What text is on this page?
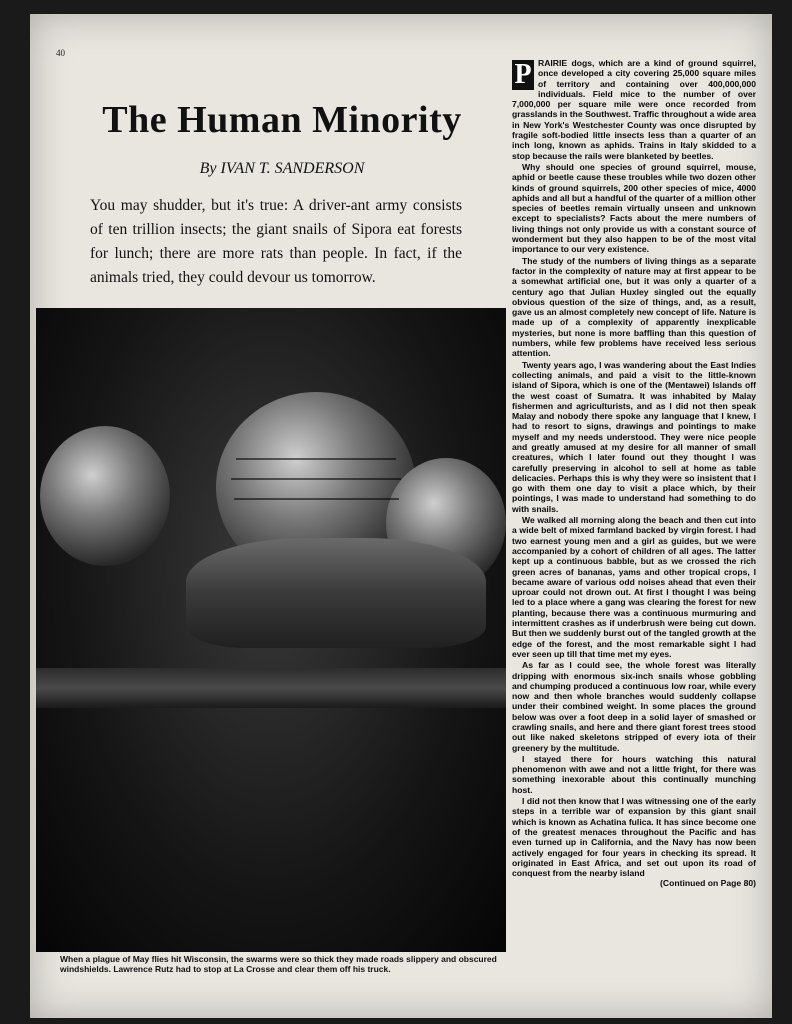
40
The Human Minority
By IVAN T. SANDERSON

You may shudder, but it's true: A driver-ant army consists of ten trillion insects; the giant snails of Sipora eat forests for lunch; there are more rats than people. In fact, if the animals tried, they could devour us tomorrow.

When a plague of May flies hit Wisconsin, the swarms were so thick they made roads slippery and obscured windshields. Lawrence Rutz had to stop at La Crosse and clear them off his truck.

P RAIRIE dogs, which are a kind of ground squirrel, once developed a city covering 25,000 square miles of territory and containing over 400,000,000 individuals. Field mice to the number of over 7,000,000 per square mile were once recorded from grasslands in the Southwest. Traffic throughout a wide area in New York's Westchester County was once disrupted by fragile soft-bodied little insects less than a quarter of an inch long, known as aphids. Trains in Italy skidded to a stop because the rails were blanketed by beetles.

Why should one species of ground squirrel, mouse, aphid or beetle cause these troubles while two dozen other kinds of ground squirrels, 200 other species of mice, 4000 aphids and all but a handful of the quarter of a million other species of beetles remain virtually unseen and unknown except to specialists? Facts about the mere numbers of living things not only provide us with a constant source of wonderment but they also happen to be of the most vital importance to our very existence.

The study of the numbers of living things as a separate factor in the complexity of nature may at first appear to be a somewhat artificial one, but it was only a quarter of a century ago that Julian Huxley singled out the equally obvious question of the size of things, and, as a result, gave us an almost completely new concept of life. Nature is made up of a complexity of apparently inexplicable mysteries, but none is more baffling than this question of numbers, while few problems have received less serious attention.

Twenty years ago, I was wandering about the East Indies collecting animals, and paid a visit to the little-known island of Sipora, which is one of the (Mentawei) Islands off the west coast of Sumatra. It was inhabited by Malay fishermen and agriculturists, and as I did not then speak Malay and nobody there spoke any language that I knew, I had to resort to signs, drawings and pointings to make myself and my needs understood. They were nice people and greatly amused at my desire for all manner of small creatures, which I later found out they thought I was carefully preserving in alcohol to sell at home as table delicacies. Perhaps this is why they were so insistent that I go with them one day to visit a place which, by their pointings, I was made to understand had something to do with snails.

We walked all morning along the beach and then cut into a wide belt of mixed farmland backed by virgin forest. I had two earnest young men and a girl as guides, but we were accompanied by a cohort of children of all ages. The latter kept up a continuous babble, but as we crossed the rich green acres of bananas, yams and other tropical crops, I became aware of various odd noises ahead that even their uproar could not drown out. At first I thought I was being led to a place where a gang was clearing the forest for new planting, because there was a continuous murmuring and intermittent crashes as if underbrush were being cut down. But then we suddenly burst out of the tangled growth at the edge of the forest, and the most remarkable sight I had ever seen up till that time met my eyes.

As far as I could see, the whole forest was literally dripping with enormous six-inch snails whose gobbling and chumping produced a continuous low roar, while every now and then whole branches would suddenly collapse under their combined weight. In some places the ground below was over a foot deep in a solid layer of smashed or crawling snails, and here and there giant forest trees stood out like naked skeletons stripped of every iota of their greenery by the multitude.

I stayed there for hours watching this natural phenomenon with awe and not a little fright, for there was something inexorable about this continually munching host.

I did not then know that I was witnessing one of the early steps in a terrible war of expansion by this giant snail which is known as Achatina fulica. It has since become one of the greatest menaces throughout the Pacific and has even turned up in California, and the Navy has now been actively engaged for four years in checking its spread. It originated in East Africa, and set out upon its road of conquest from the nearby island
(Continued on Page 80)
